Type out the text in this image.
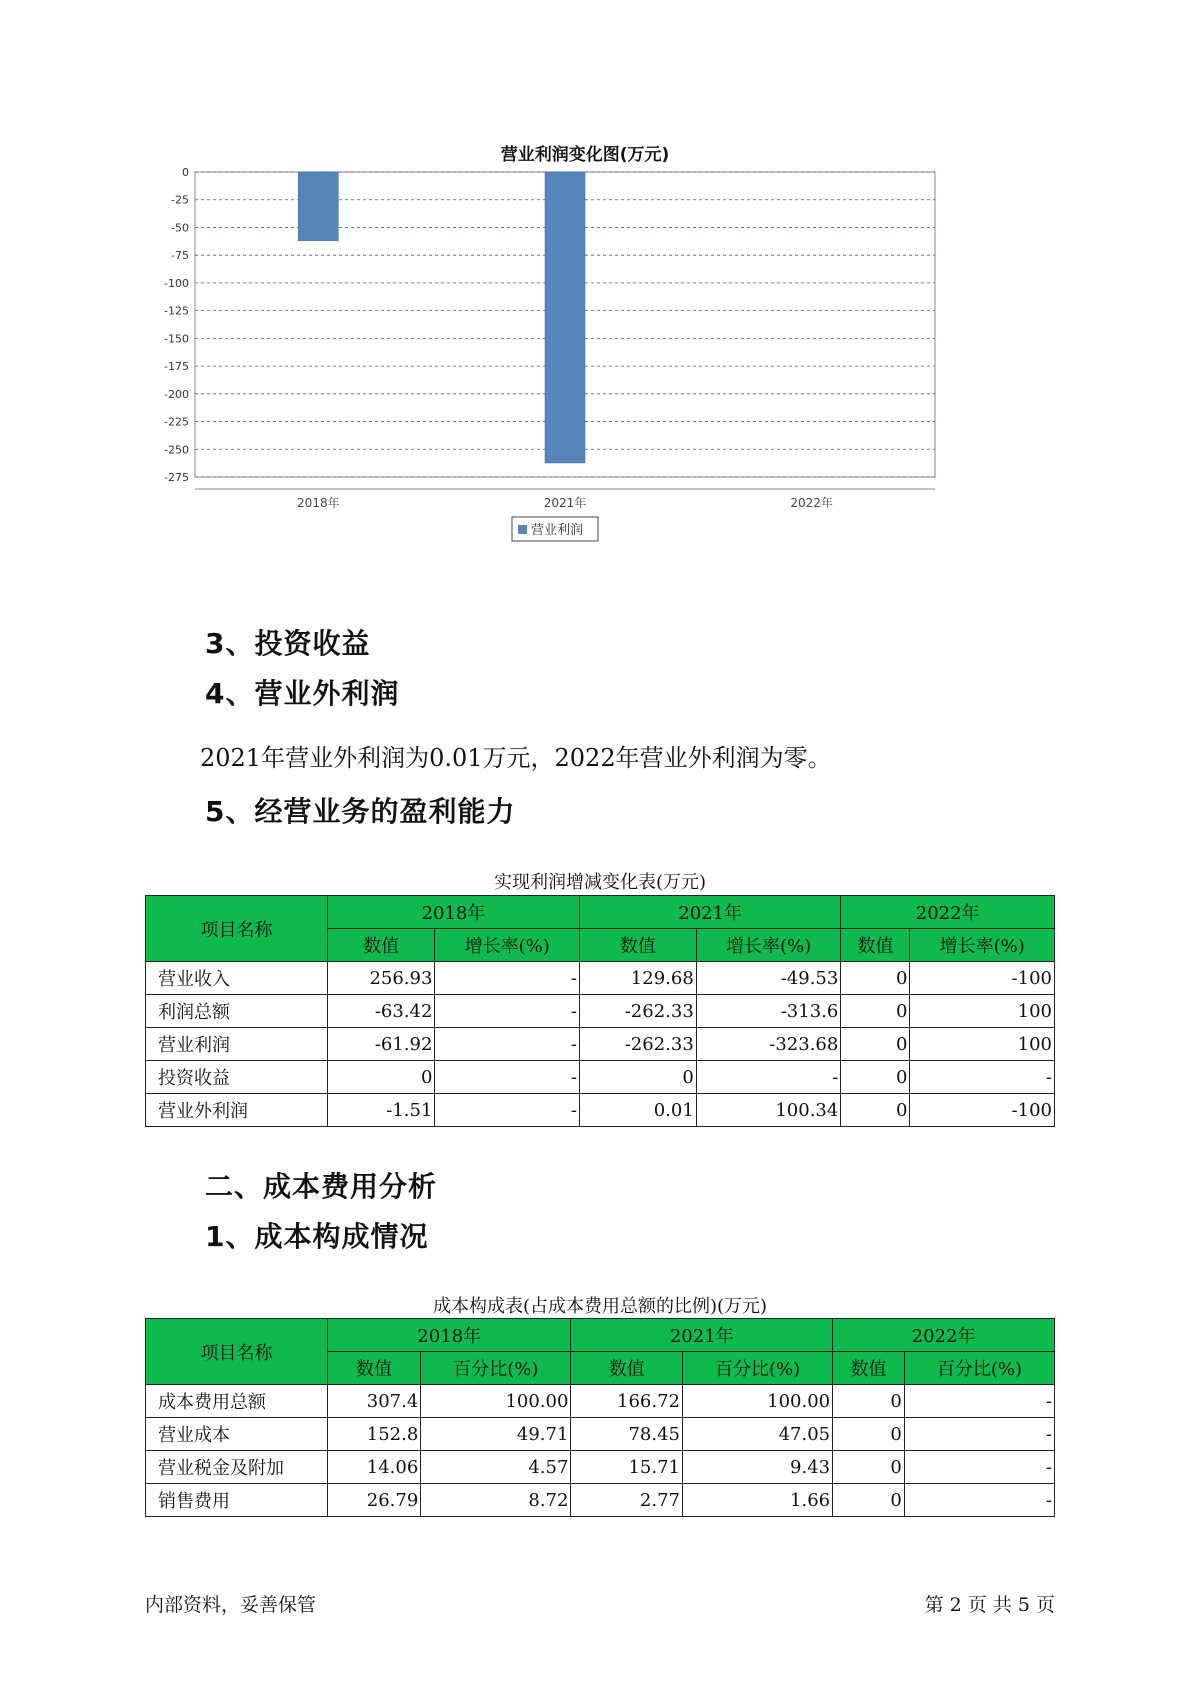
0
-25
-50
-75
-100
-125
-150
-175
-200
-225
-250
-275
2018年	2021年	2022年
营业利润
营业利润变化图(万元)
3、投资收益
4、营业外利润
2021年营业外利润为0.01万元，2022年营业外利润为零。
5、经营业务的盈利能力
实现利润增减变化表(万元)
项目名称	2018年		2021年		2022年	
	数值	增长率(%)	数值	增长率(%)	数值	增长率(%)
营业收入	256.93	-	129.68	-49.53	0	-100
利润总额	-63.42	-	-262.33	-313.6	0	100
营业利润	-61.92	-	-262.33	-323.68	0	100
投资收益	0	-	0	-	0	-
营业外利润	-1.51	-	0.01	100.34	0	-100
二、成本费用分析
1、成本构成情况
成本构成表(占成本费用总额的比例)(万元)
项目名称	2018年		2021年		2022年	
	数值	百分比(%)	数值	百分比(%)	数值	百分比(%)
成本费用总额	307.4	100.00	166.72	100.00	0	-
营业成本	152.8	49.71	78.45	47.05	0	-
营业税金及附加	14.06	4.57	15.71	9.43	0	-
销售费用	26.79	8.72	2.77	1.66	0	-
内部资料，妥善保管	第 2 页 共 5 页
